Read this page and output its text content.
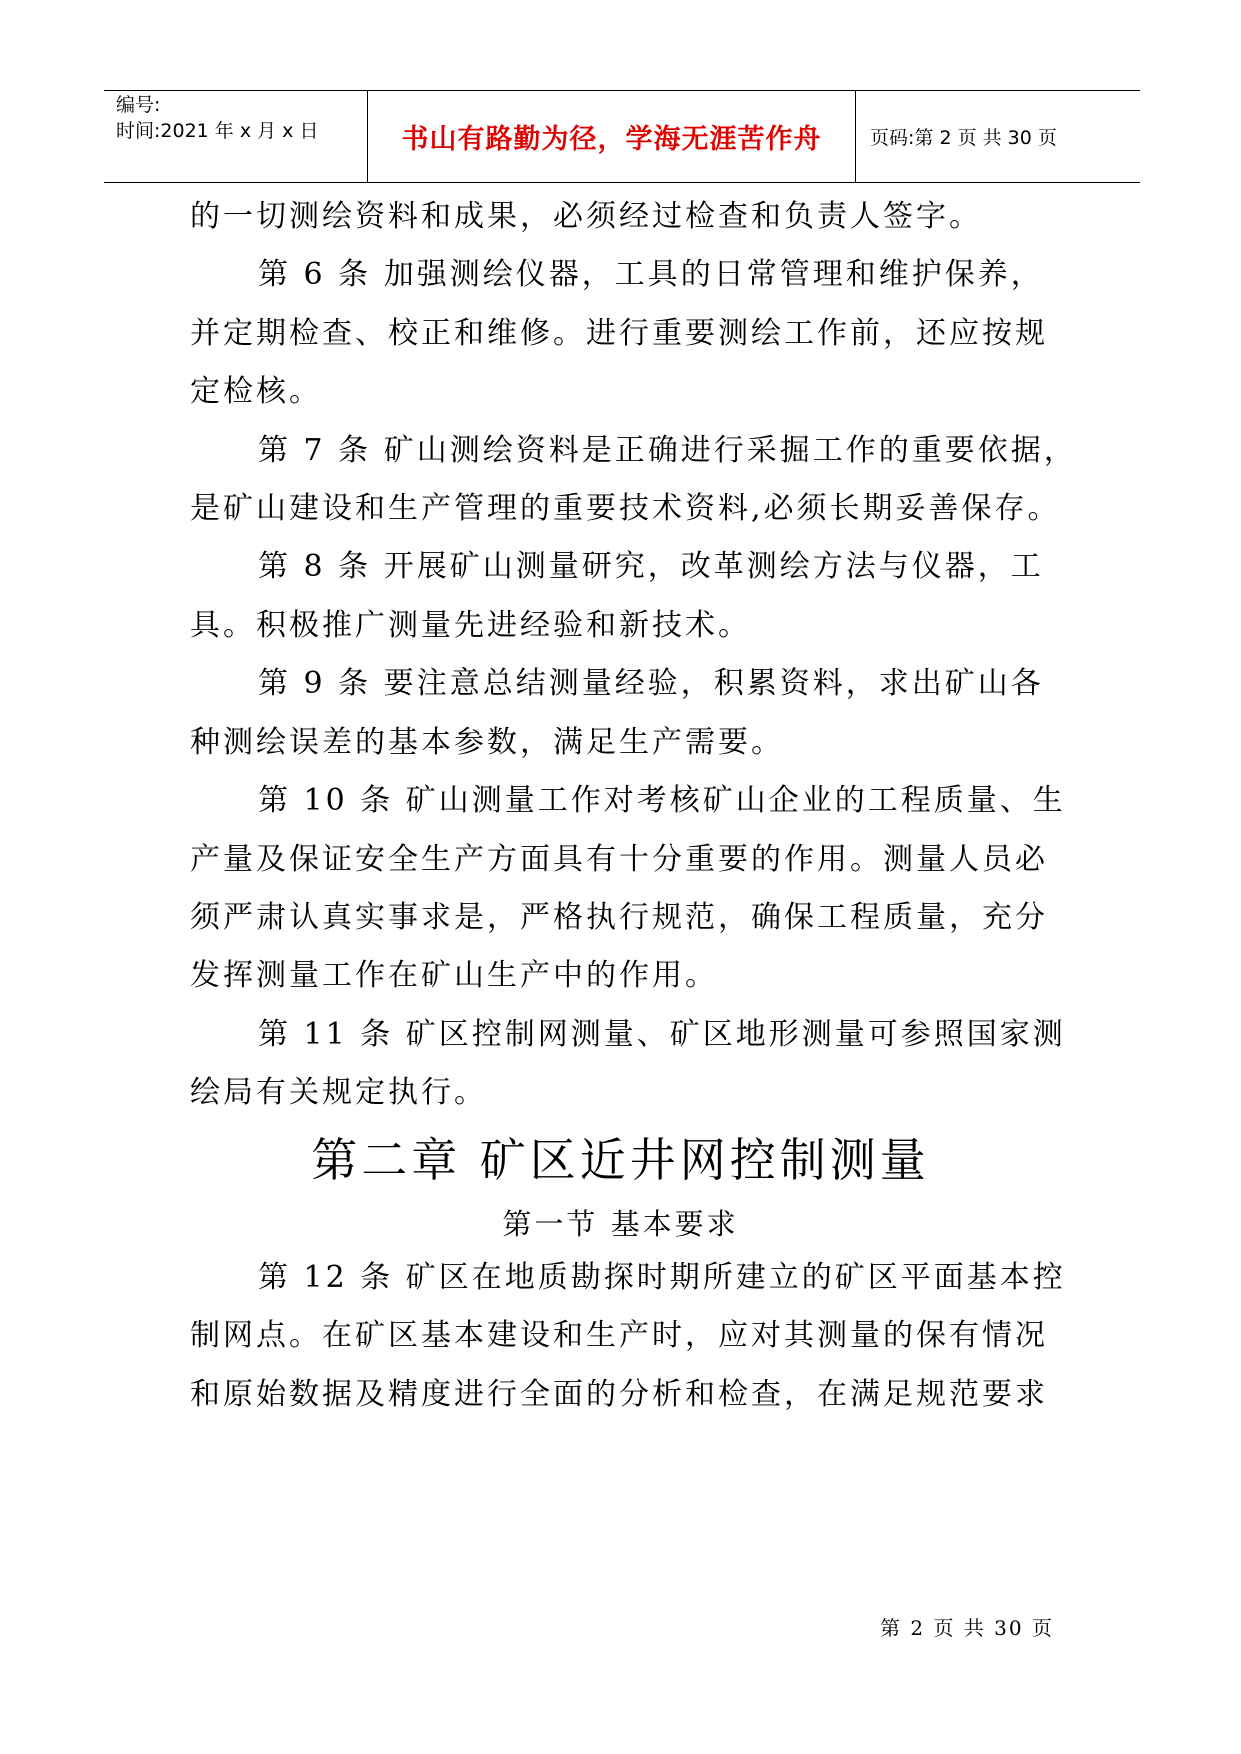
编号:
时间:2021 年 x 月 x 日	书山有路勤为径，学海无涯苦作舟	页码:第 2 页 共 30 页
的一切测绘资料和成果，必须经过检查和负责人签字。
第 6 条 加强测绘仪器，工具的日常管理和维护保养，
并定期检查、校正和维修。进行重要测绘工作前，还应按规
定检核。
第 7 条 矿山测绘资料是正确进行采掘工作的重要依据，
是矿山建设和生产管理的重要技术资料,必须长期妥善保存。
第 8 条 开展矿山测量研究，改革测绘方法与仪器，工
具。积极推广测量先进经验和新技术。
第 9 条 要注意总结测量经验，积累资料，求出矿山各
种测绘误差的基本参数，满足生产需要。
第 10 条 矿山测量工作对考核矿山企业的工程质量、生
产量及保证安全生产方面具有十分重要的作用。测量人员必
须严肃认真实事求是，严格执行规范，确保工程质量，充分
发挥测量工作在矿山生产中的作用。
第 11 条 矿区控制网测量、矿区地形测量可参照国家测
绘局有关规定执行。
第二章 矿区近井网控制测量
第一节 基本要求
第 12 条 矿区在地质勘探时期所建立的矿区平面基本控
制网点。在矿区基本建设和生产时，应对其测量的保有情况
和原始数据及精度进行全面的分析和检查，在满足规范要求
第 2 页 共 30 页
